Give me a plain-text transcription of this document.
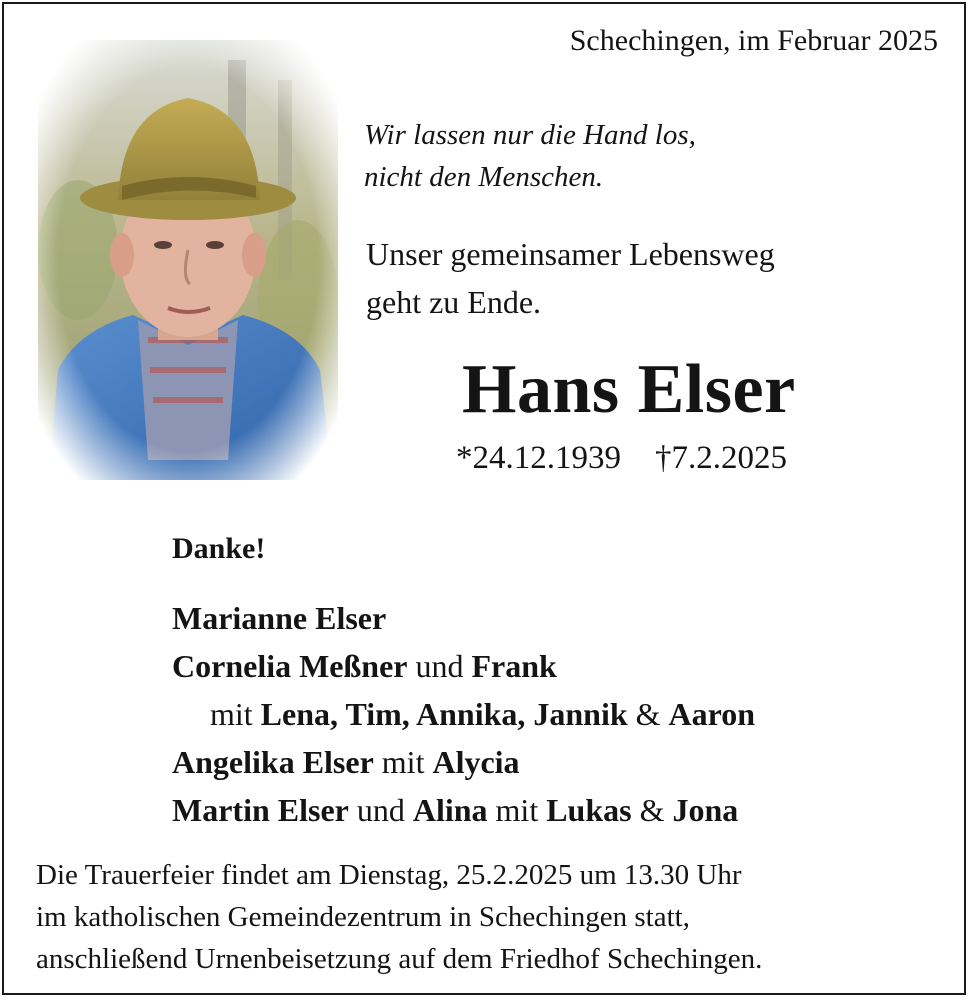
Schechingen, im Februar 2025
Wir lassen nur die Hand los,
nicht den Menschen.
Unser gemeinsamer Lebensweg
geht zu Ende.
Hans Elser
*24.12.1939 †7.2.2025
Danke!
Marianne Elser
Cornelia Meßner und Frank
mit Lena, Tim, Annika, Jannik & Aaron
Angelika Elser mit Alycia
Martin Elser und Alina mit Lukas & Jona
Die Trauerfeier findet am Dienstag, 25.2.2025 um 13.30 Uhr
im katholischen Gemeindezentrum in Schechingen statt,
anschließend Urnenbeisetzung auf dem Friedhof Schechingen.
